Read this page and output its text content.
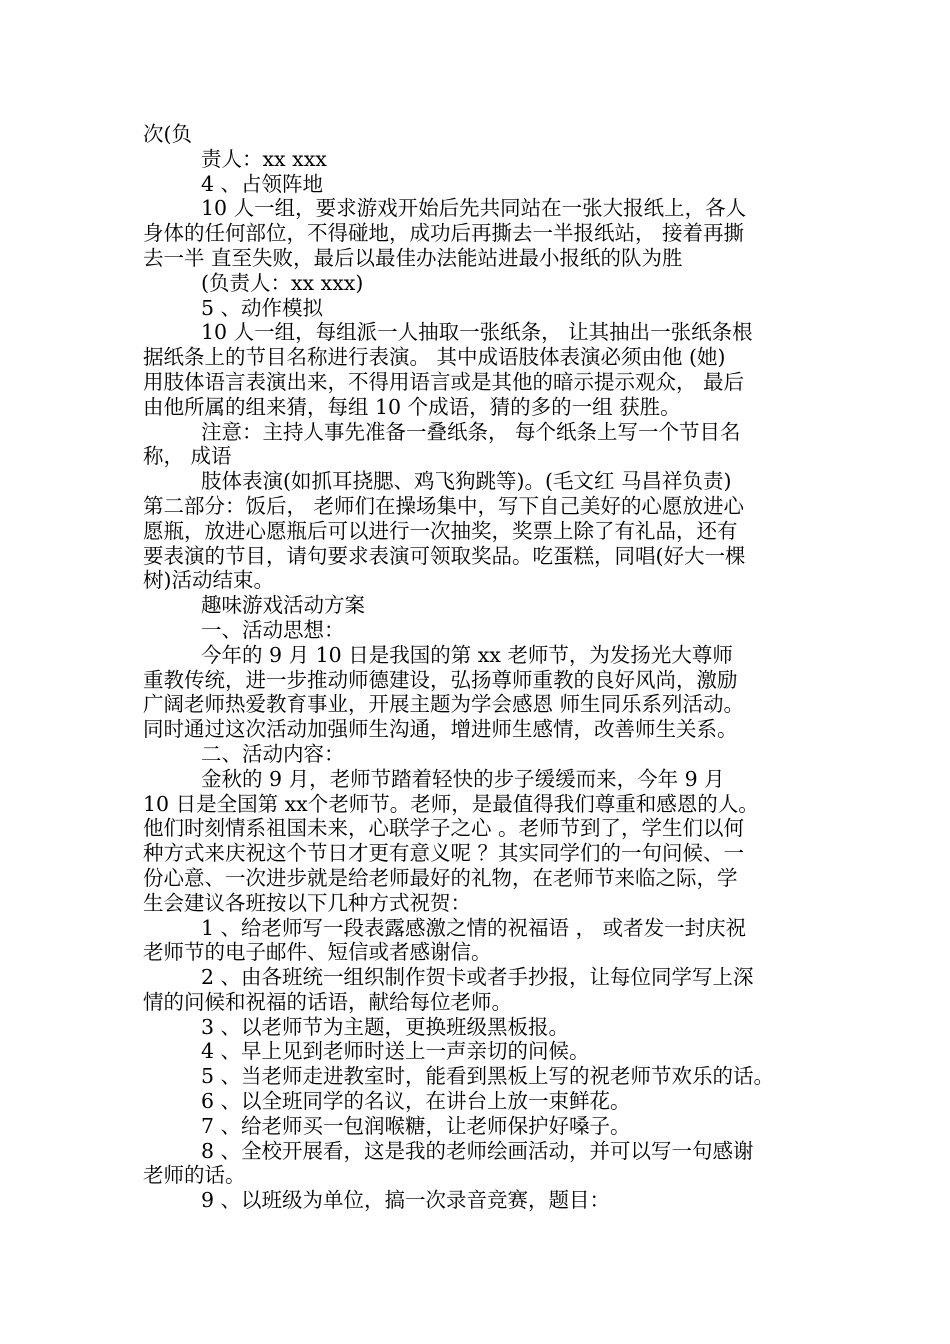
次(负
责人：xx xxx
4 、占领阵地
10 人一组，要求游戏开始后先共同站在一张大报纸上，各人
身体的任何部位，不得碰地，成功后再撕去一半报纸站， 接着再撕
去一半 直至失败，最后以最佳办法能站进最小报纸的队为胜
(负责人：xx xxx)
5 、动作模拟
10 人一组，每组派一人抽取一张纸条， 让其抽出一张纸条根
据纸条上的节目名称进行表演。 其中成语肢体表演必须由他 (她)
用肢体语言表演出来，不得用语言或是其他的暗示提示观众， 最后
由他所属的组来猜，每组 10 个成语，猜的多的一组 获胜。
注意：主持人事先准备一叠纸条， 每个纸条上写一个节目名
称， 成语
肢体表演(如抓耳挠腮、鸡飞狗跳等)。(毛文红 马昌祥负责)
第二部分：饭后， 老师们在操场集中，写下自己美好的心愿放进心
愿瓶，放进心愿瓶后可以进行一次抽奖，奖票上除了有礼品，还有
要表演的节目，请句要求表演可领取奖品。吃蛋糕，同唱(好大一棵
树)活动结束。
趣味游戏活动方案
一、活动思想：
今年的 9 月 10 日是我国的第 xx 老师节，为发扬光大尊师
重教传统，进一步推动师德建设，弘扬尊师重教的良好风尚，激励
广阔老师热爱教育事业，开展主题为学会感恩 师生同乐系列活动。
同时通过这次活动加强师生沟通，增进师生感情，改善师生关系。
二、活动内容：
金秋的 9 月，老师节踏着轻快的步子缓缓而来，今年 9 月
10 日是全国第 xx个老师节。老师，是最值得我们尊重和感恩的人。
他们时刻情系祖国未来，心联学子之心 。老师节到了，学生们以何
种方式来庆祝这个节日才更有意义呢 ？其实同学们的一句问候、一
份心意、一次进步就是给老师最好的礼物，在老师节来临之际，学
生会建议各班按以下几种方式祝贺：
1 、给老师写一段表露感激之情的祝福语 ， 或者发一封庆祝
老师节的电子邮件、短信或者感谢信。
2 、由各班统一组织制作贺卡或者手抄报，让每位同学写上深
情的问候和祝福的话语，献给每位老师。
3 、以老师节为主题，更换班级黑板报。
4 、早上见到老师时送上一声亲切的问候。
5 、当老师走进教室时，能看到黑板上写的祝老师节欢乐的话。
6 、以全班同学的名议，在讲台上放一束鲜花。
7 、给老师买一包润喉糖，让老师保护好嗓子。
8 、全校开展看，这是我的老师绘画活动，并可以写一句感谢
老师的话。
9 、以班级为单位，搞一次录音竞赛，题目：
